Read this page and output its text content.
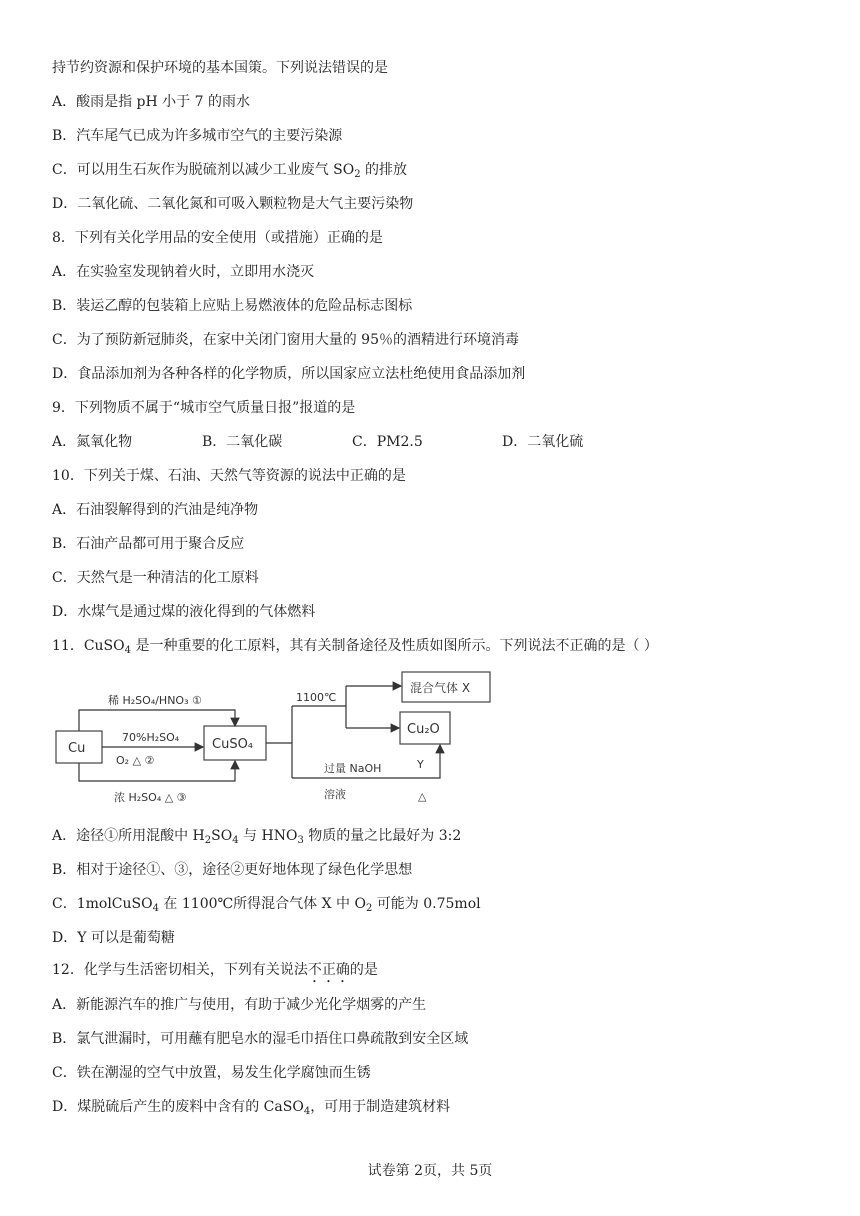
持节约资源和保护环境的基本国策。下列说法错误的是
A．酸雨是指 pH 小于 7 的雨水
B．汽车尾气已成为许多城市空气的主要污染源
C．可以用生石灰作为脱硫剂以减少工业废气 $SO_2$ 的排放
D．二氧化硫、二氧化氮和可吸入颗粒物是大气主要污染物
8．下列有关化学用品的安全使用（或措施）正确的是
A．在实验室发现钠着火时，立即用水浇灭
B．装运乙醇的包装箱上应贴上易燃液体的危险品标志图标
C．为了预防新冠肺炎，在家中关闭门窗用大量的 95％的酒精进行环境消毒
D．食品添加剂为各种各样的化学物质，所以国家应立法杜绝使用食品添加剂
9．下列物质不属于“城市空气质量日报”报道的是
A．氮氧化物	B．二氧化碳	C．PM2.5	D．二氧化硫
10．下列关于煤、石油、天然气等资源的说法中正确的是
A．石油裂解得到的汽油是纯净物
B．石油产品都可用于聚合反应
C．天然气是一种清洁的化工原料
D．水煤气是通过煤的液化得到的气体燃料
11．CuSO$_4$ 是一种重要的化工原料，其有关制备途径及性质如图所示。下列说法不正确的是（ ）
Cu	CuSO₄
混合气体 X
Cu₂O
稀 H₂SO₄/HNO₃ ①
70%H₂SO₄
O₂ △ ②
浓 H₂SO₄ △ ③
1100℃
过量 NaOH
溶液
Y
△
A．途径①所用混酸中 $H_2SO_4$ 与 $HNO_3$ 物质的量之比最好为 3:2
B．相对于途径①、③，途径②更好地体现了绿色化学思想
C．1molCuSO$_4$ 在 1100℃所得混合气体 X 中 $O_2$ 可能为 0.75mol
D．Y 可以是葡萄糖
12．化学与生活密切相关，下列有关说法不正确的是
A．新能源汽车的推广与使用，有助于减少光化学烟雾的产生
B．氯气泄漏时，可用蘸有肥皂水的湿毛巾捂住口鼻疏散到安全区域
C．铁在潮湿的空气中放置，易发生化学腐蚀而生锈
D．煤脱硫后产生的废料中含有的 CaSO$_4$，可用于制造建筑材料
试卷第 2页，共 5页
